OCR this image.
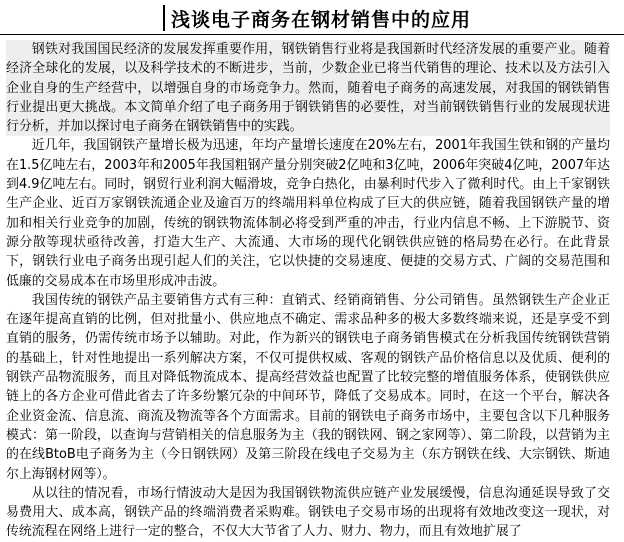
浅谈电子商务在钢材销售中的应用

钢铁对我国国民经济的发展发挥重要作用，钢铁销售行业将是我国新时代经济发展的重要产业。随着经济全球化的发展，以及科学技术的不断进步，当前，少数企业已将当代销售的理论、技术以及方法引入企业自身的生产经营中，以增强自身的市场竞争力。然而，随着电子商务的高速发展，对我国的钢铁销售行业提出更大挑战。本文简单介绍了电子商务用于钢铁销售的必要性，对当前钢铁销售行业的发展现状进行分析，并加以探讨电子商务在钢铁销售中的实践。

近几年，我国钢铁产量增长极为迅速，年均产量增长速度在20%左右，2001年我国生铁和钢的产量均在1.5亿吨左右，2003年和2005年我国粗钢产量分别突破2亿吨和3亿吨，2006年突破4亿吨，2007年达到4.9亿吨左右。同时，钢贸行业利润大幅滑坡，竞争白热化，由暴利时代步入了微利时代。由上千家钢铁生产企业、近百万家钢铁流通企业及逾百万的终端用料单位构成了巨大的供应链，随着我国钢铁产量的增加和相关行业竞争的加剧，传统的钢铁物流体制必将受到严重的冲击，行业内信息不畅、上下游脱节、资源分散等现状亟待改善，打造大生产、大流通、大市场的现代化钢铁供应链的格局势在必行。在此背景下，钢铁行业电子商务出现引起人们的关注，它以快捷的交易速度、便捷的交易方式、广阔的交易范围和低廉的交易成本在市场里形成冲击波。

我国传统的钢铁产品主要销售方式有三种：直销式、经销商销售、分公司销售。虽然钢铁生产企业正在逐年提高直销的比例，但对批量小、供应地点不确定、需求品种多的极大多数终端来说，还是享受不到直销的服务，仍需传统市场予以辅助。对此，作为新兴的钢铁电子商务销售模式在分析我国传统钢铁营销的基础上，针对性地提出一系列解决方案，不仅可提供权威、客观的钢铁产品价格信息以及优质、便利的钢铁产品物流服务，而且对降低物流成本、提高经营效益也配置了比较完整的增值服务体系，使钢铁供应链上的各方企业可借此省去了许多纷繁冗杂的中间环节，降低了交易成本。同时，在这一个平台，解决各企业资金流、信息流、商流及物流等各个方面需求。目前的钢铁电子商务市场中，主要包含以下几种服务模式：第一阶段，以查询与营销相关的信息服务为主（我的钢铁网、钢之家网等）、第二阶段，以营销为主的在线BtoB电子商务为主（今日钢铁网）及第三阶段在线电子交易为主（东方钢铁在线、大宗钢铁、斯迪尔上海钢材网等）。

从以往的情况看，市场行情波动大是因为我国钢铁物流供应链产业发展缓慢，信息沟通延误导致了交易费用大、成本高，钢铁产品的终端消费者采购难。钢铁电子交易市场的出现将有效地改变这一现状，对传统流程在网络上进行一定的整合，不仅大大节省了人力、财力、物力，而且有效地扩展了
